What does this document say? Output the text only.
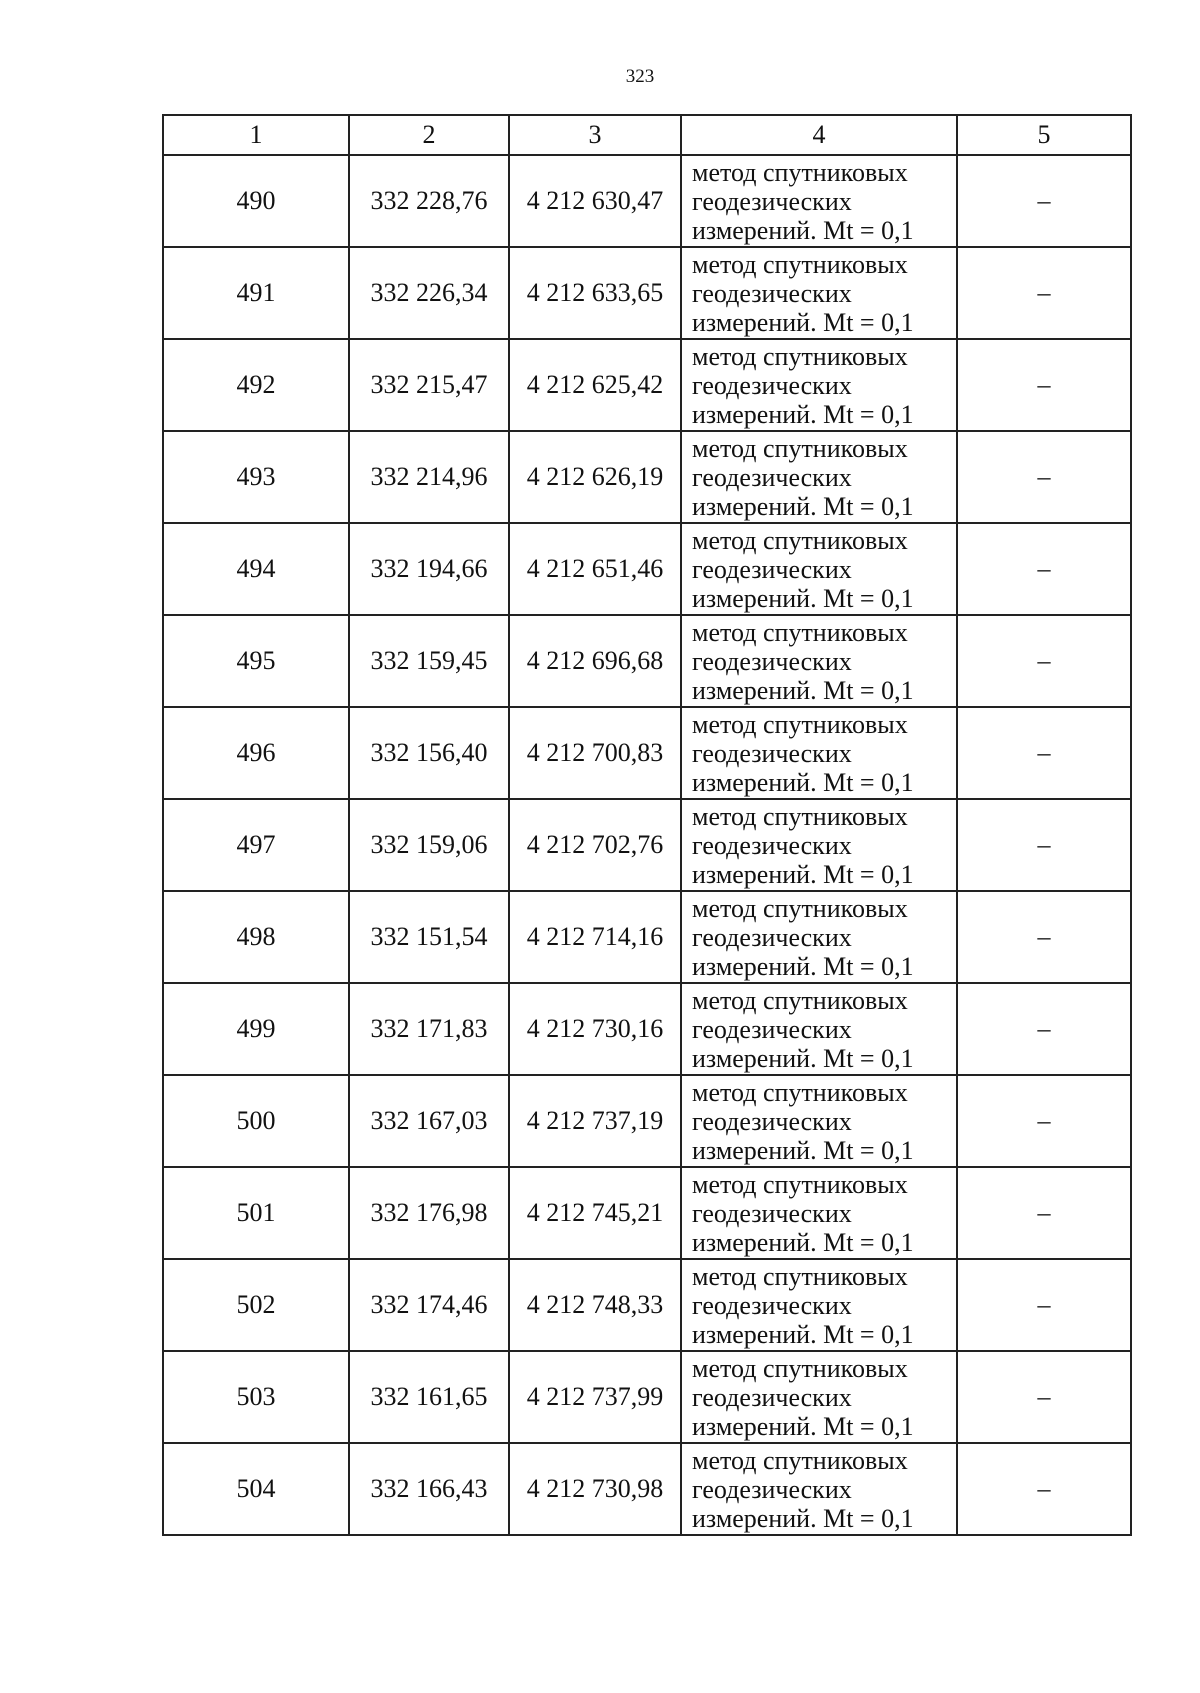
323
1	2	3	4	5
490	332 228,76	4 212 630,47	метод спутниковых
геодезических
измерений. Mt = 0,1	–
491	332 226,34	4 212 633,65	метод спутниковых
геодезических
измерений. Mt = 0,1	–
492	332 215,47	4 212 625,42	метод спутниковых
геодезических
измерений. Mt = 0,1	–
493	332 214,96	4 212 626,19	метод спутниковых
геодезических
измерений. Mt = 0,1	–
494	332 194,66	4 212 651,46	метод спутниковых
геодезических
измерений. Mt = 0,1	–
495	332 159,45	4 212 696,68	метод спутниковых
геодезических
измерений. Mt = 0,1	–
496	332 156,40	4 212 700,83	метод спутниковых
геодезических
измерений. Mt = 0,1	–
497	332 159,06	4 212 702,76	метод спутниковых
геодезических
измерений. Mt = 0,1	–
498	332 151,54	4 212 714,16	метод спутниковых
геодезических
измерений. Mt = 0,1	–
499	332 171,83	4 212 730,16	метод спутниковых
геодезических
измерений. Mt = 0,1	–
500	332 167,03	4 212 737,19	метод спутниковых
геодезических
измерений. Mt = 0,1	–
501	332 176,98	4 212 745,21	метод спутниковых
геодезических
измерений. Mt = 0,1	–
502	332 174,46	4 212 748,33	метод спутниковых
геодезических
измерений. Mt = 0,1	–
503	332 161,65	4 212 737,99	метод спутниковых
геодезических
измерений. Mt = 0,1	–
504	332 166,43	4 212 730,98	метод спутниковых
геодезических
измерений. Mt = 0,1	–
